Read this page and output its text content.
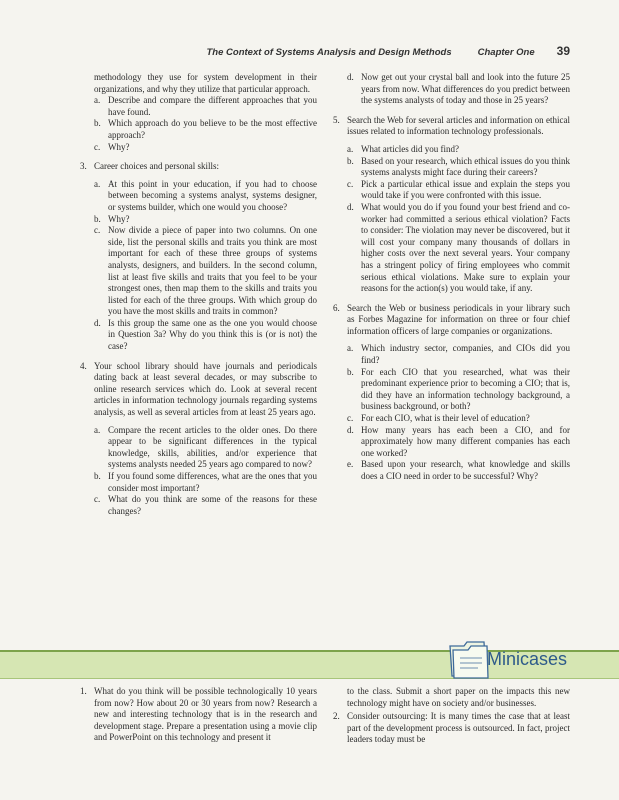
The Context of Systems Analysis and Design Methods	Chapter One 39

methodology they use for system development in their organizations, and why they utilize that particular approach.

a. Describe and compare the different approaches that you have found.
b. Which approach do you believe to be the most effective approach?
c. Why?
3. Career choices and personal skills:

a. At this point in your education, if you had to choose between becoming a systems analyst, systems designer, or systems builder, which one would you choose?
b. Why?
c. Now divide a piece of paper into two columns. On one side, list the personal skills and traits you think are most important for each of these three groups of systems analysts, designers, and builders. In the second column, list at least five skills and traits that you feel to be your strongest ones, then map them to the skills and traits you listed for each of the three groups. With which group do you have the most skills and traits in common?
d. Is this group the same one as the one you would choose in Question 3a? Why do you think this is (or is not) the case?
4. Your school library should have journals and periodicals dating back at least several decades, or may subscribe to online research services which do. Look at several recent articles in information technology journals regarding systems analysis, as well as several articles from at least 25 years ago.

a. Compare the recent articles to the older ones. Do there appear to be significant differences in the typical knowledge, skills, abilities, and/or experience that systems analysts needed 25 years ago compared to now?
b. If you found some differences, what are the ones that you consider most important?
c. What do you think are some of the reasons for these changes?
d. Now get out your crystal ball and look into the future 25 years from now. What differences do you predict between the systems analysts of today and those in 25 years?
5. Search the Web for several articles and information on ethical issues related to information technology professionals.

a. What articles did you find?
b. Based on your research, which ethical issues do you think systems analysts might face during their careers?
c. Pick a particular ethical issue and explain the steps you would take if you were confronted with this issue.
d. What would you do if you found your best friend and co-worker had committed a serious ethical violation? Facts to consider: The violation may never be discovered, but it will cost your company many thousands of dollars in higher costs over the next several years. Your company has a stringent policy of firing employees who commit serious ethical violations. Make sure to explain your reasons for the action(s) you would take, if any.
6. Search the Web or business periodicals in your library such as Forbes Magazine for information on three or four chief information officers of large companies or organizations.

a. Which industry sector, companies, and CIOs did you find?
b. For each CIO that you researched, what was their predominant experience prior to becoming a CIO; that is, did they have an information technology background, a business background, or both?
c. For each CIO, what is their level of education?
d. How many years has each been a CIO, and for approximately how many different companies has each one worked?
e. Based upon your research, what knowledge and skills does a CIO need in order to be successful? Why?
Minicases
1. What do you think will be possible technologically 10 years from now? How about 20 or 30 years from now? Research a new and interesting technology that is in the research and development stage. Prepare a presentation using a movie clip and PowerPoint on this technology and present it

to the class. Submit a short paper on the impacts this new technology might have on society and/or businesses.

2. Consider outsourcing: It is many times the case that at least part of the development process is outsourced. In fact, project leaders today must be
